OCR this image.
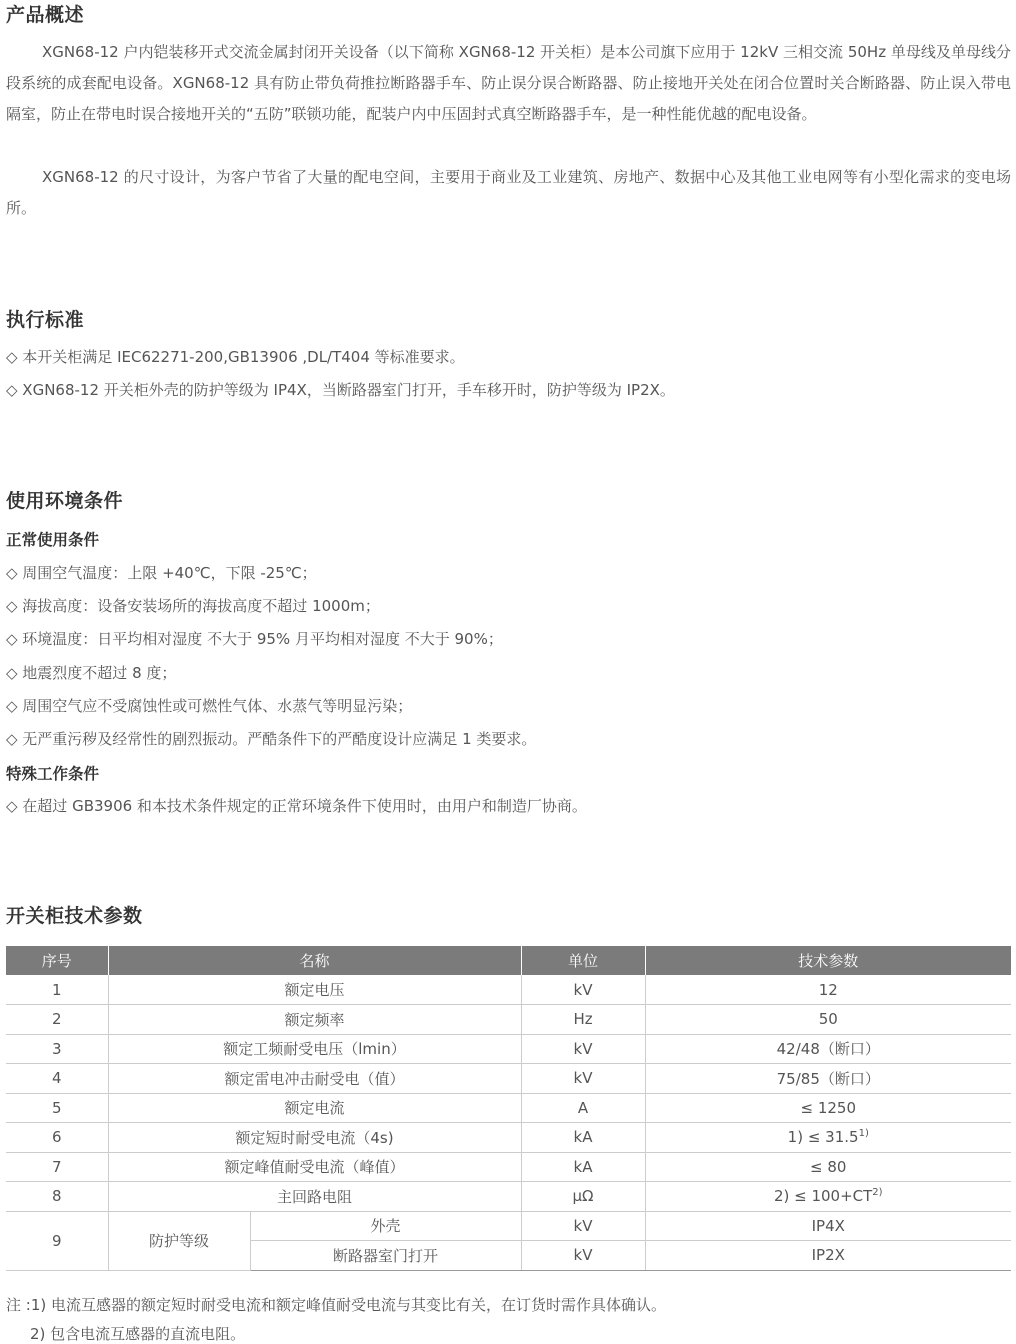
产品概述

XGN68-12 户内铠装移开式交流金属封闭开关设备（以下简称 XGN68-12 开关柜）是本公司旗下应用于 12kV 三相交流 50Hz 单母线及单母线分段系统的成套配电设备。XGN68-12 具有防止带负荷推拉断路器手车、防止误分误合断路器、防止接地开关处在闭合位置时关合断路器、防止误入带电隔室，防止在带电时误合接地开关的“五防”联锁功能，配装户内中压固封式真空断路器手车，是一种性能优越的配电设备。

XGN68-12 的尺寸设计，为客户节省了大量的配电空间，主要用于商业及工业建筑、房地产、数据中心及其他工业电网等有小型化需求的变电场所。

执行标准
◇ 本开关柜满足 IEC62271-200,GB13906 ,DL/T404 等标准要求。
◇ XGN68-12 开关柜外壳的防护等级为 IP4X，当断路器室门打开，手车移开时，防护等级为 IP2X。
使用环境条件
正常使用条件
◇ 周围空气温度：上限 +40℃，下限 -25℃；
◇ 海拔高度：设备安装场所的海拔高度不超过 1000m；
◇ 环境温度：日平均相对湿度 不大于 95% 月平均相对湿度 不大于 90%；
◇ 地震烈度不超过 8 度；
◇ 周围空气应不受腐蚀性或可燃性气体、水蒸气等明显污染；
◇ 无严重污秽及经常性的剧烈振动。严酷条件下的严酷度设计应满足 1 类要求。
特殊工作条件
◇ 在超过 GB3906 和本技术条件规定的正常环境条件下使用时，由用户和制造厂协商。
开关柜技术参数
序号	名称		单位	技术参数
1	额定电压		kV	12
2	额定频率		Hz	50
3	额定工频耐受电压（lmin）		kV	42/48（断口）
4	额定雷电冲击耐受电（值）		kV	75/85（断口）
5	额定电流		A	≤ 1250
6	额定短时耐受电流（4s)		kA	$1) \le 31.5^{1)}$
7	额定峰值耐受电流（峰值）		kA	≤ 80
8	主回路电阻		μΩ	$2) \le 100+CT^{2)}$
9	防护等级	外壳	kV	IP4X
		断路器室门打开	kV	IP2X
注 :1) 电流互感器的额定短时耐受电流和额定峰值耐受电流与其变比有关，在订货时需作具体确认。
2) 包含电流互感器的直流电阻。
